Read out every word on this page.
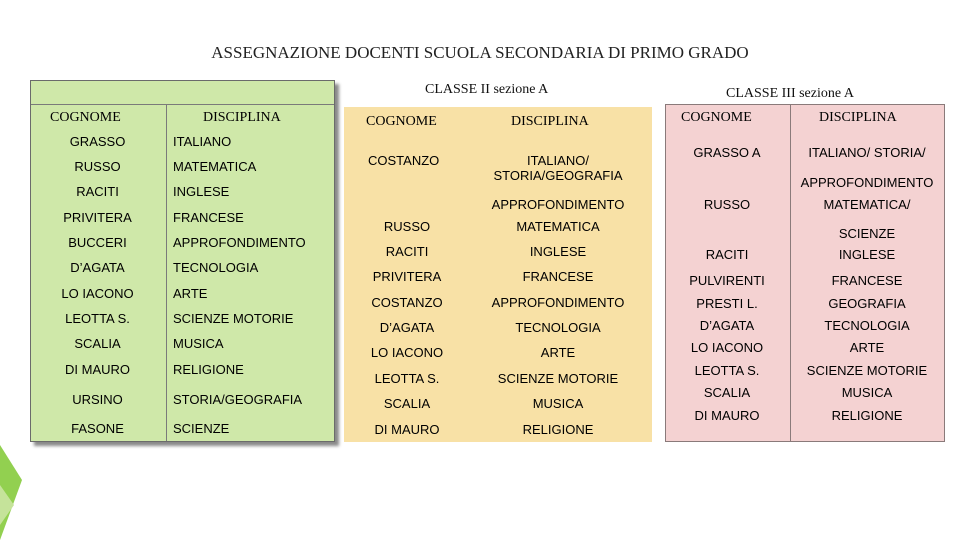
ASSEGNAZIONE DOCENTI SCUOLA SECONDARIA DI PRIMO GRADO
COGNOME	DISCIPLINA
GRASSO	ITALIANO
RUSSO	MATEMATICA
RACITI	INGLESE
PRIVITERA	FRANCESE
BUCCERI	APPROFONDIMENTO
D’AGATA	TECNOLOGIA
LO IACONO	ARTE
LEOTTA S.	SCIENZE MOTORIE
SCALIA	MUSICA
DI MAURO	RELIGIONE
URSINO	STORIA/GEOGRAFIA
FASONE	SCIENZE
CLASSE II sezione A
COGNOME	DISCIPLINA
COSTANZO	ITALIANO/
STORIA/GEOGRAFIA
APPROFONDIMENTO
RUSSO	MATEMATICA
RACITI	INGLESE
PRIVITERA	FRANCESE
COSTANZO	APPROFONDIMENTO
D’AGATA	TECNOLOGIA
LO IACONO	ARTE
LEOTTA S.	SCIENZE MOTORIE
SCALIA	MUSICA
DI MAURO	RELIGIONE
CLASSE III sezione A
COGNOME	DISCIPLINA
GRASSO A	ITALIANO/ STORIA/
APPROFONDIMENTO
RUSSO	MATEMATICA/
SCIENZE
RACITI	INGLESE
PULVIRENTI	FRANCESE
PRESTI L.	GEOGRAFIA
D’AGATA	TECNOLOGIA
LO IACONO	ARTE
LEOTTA S.	SCIENZE MOTORIE
SCALIA	MUSICA
DI MAURO	RELIGIONE
